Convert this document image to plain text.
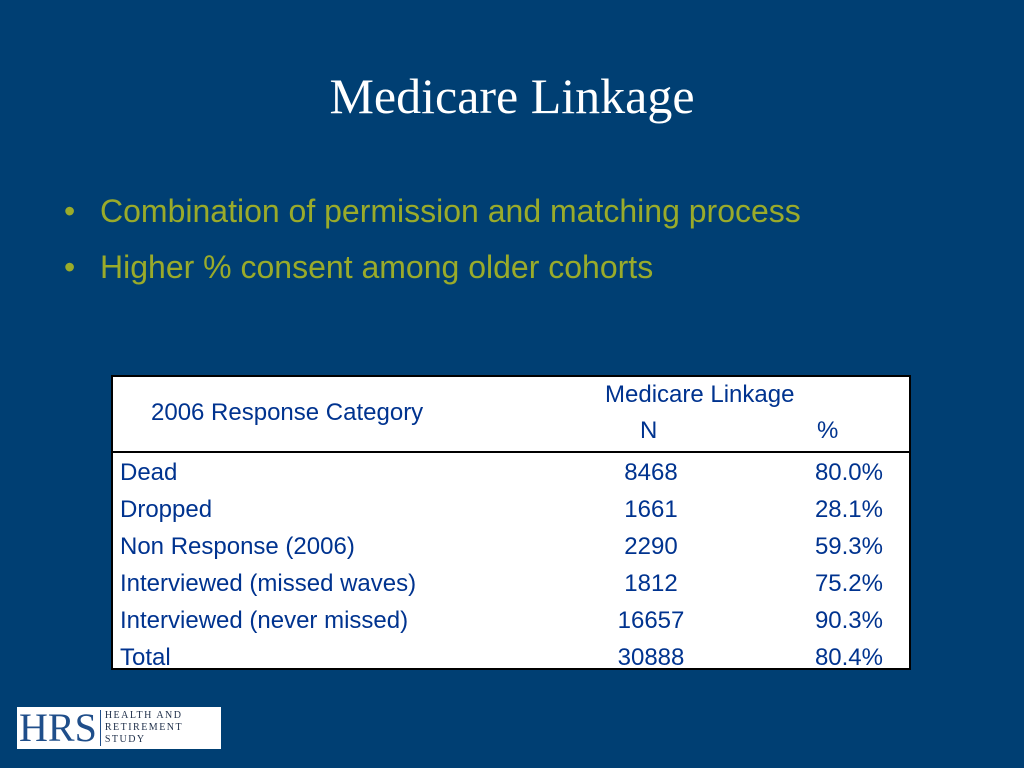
Medicare Linkage
• Combination of permission and matching process
• Higher % consent among older cohorts
2006 Response Category
Medicare Linkage
N	%
Dead	8468	80.0%
Dropped	1661	28.1%
Non Response (2006)	2290	59.3%
Interviewed (missed waves)	1812	75.2%
Interviewed (never missed)	16657	90.3%
Total	30888	80.4%
HRS HEALTH AND
RETIREMENT
STUDY
